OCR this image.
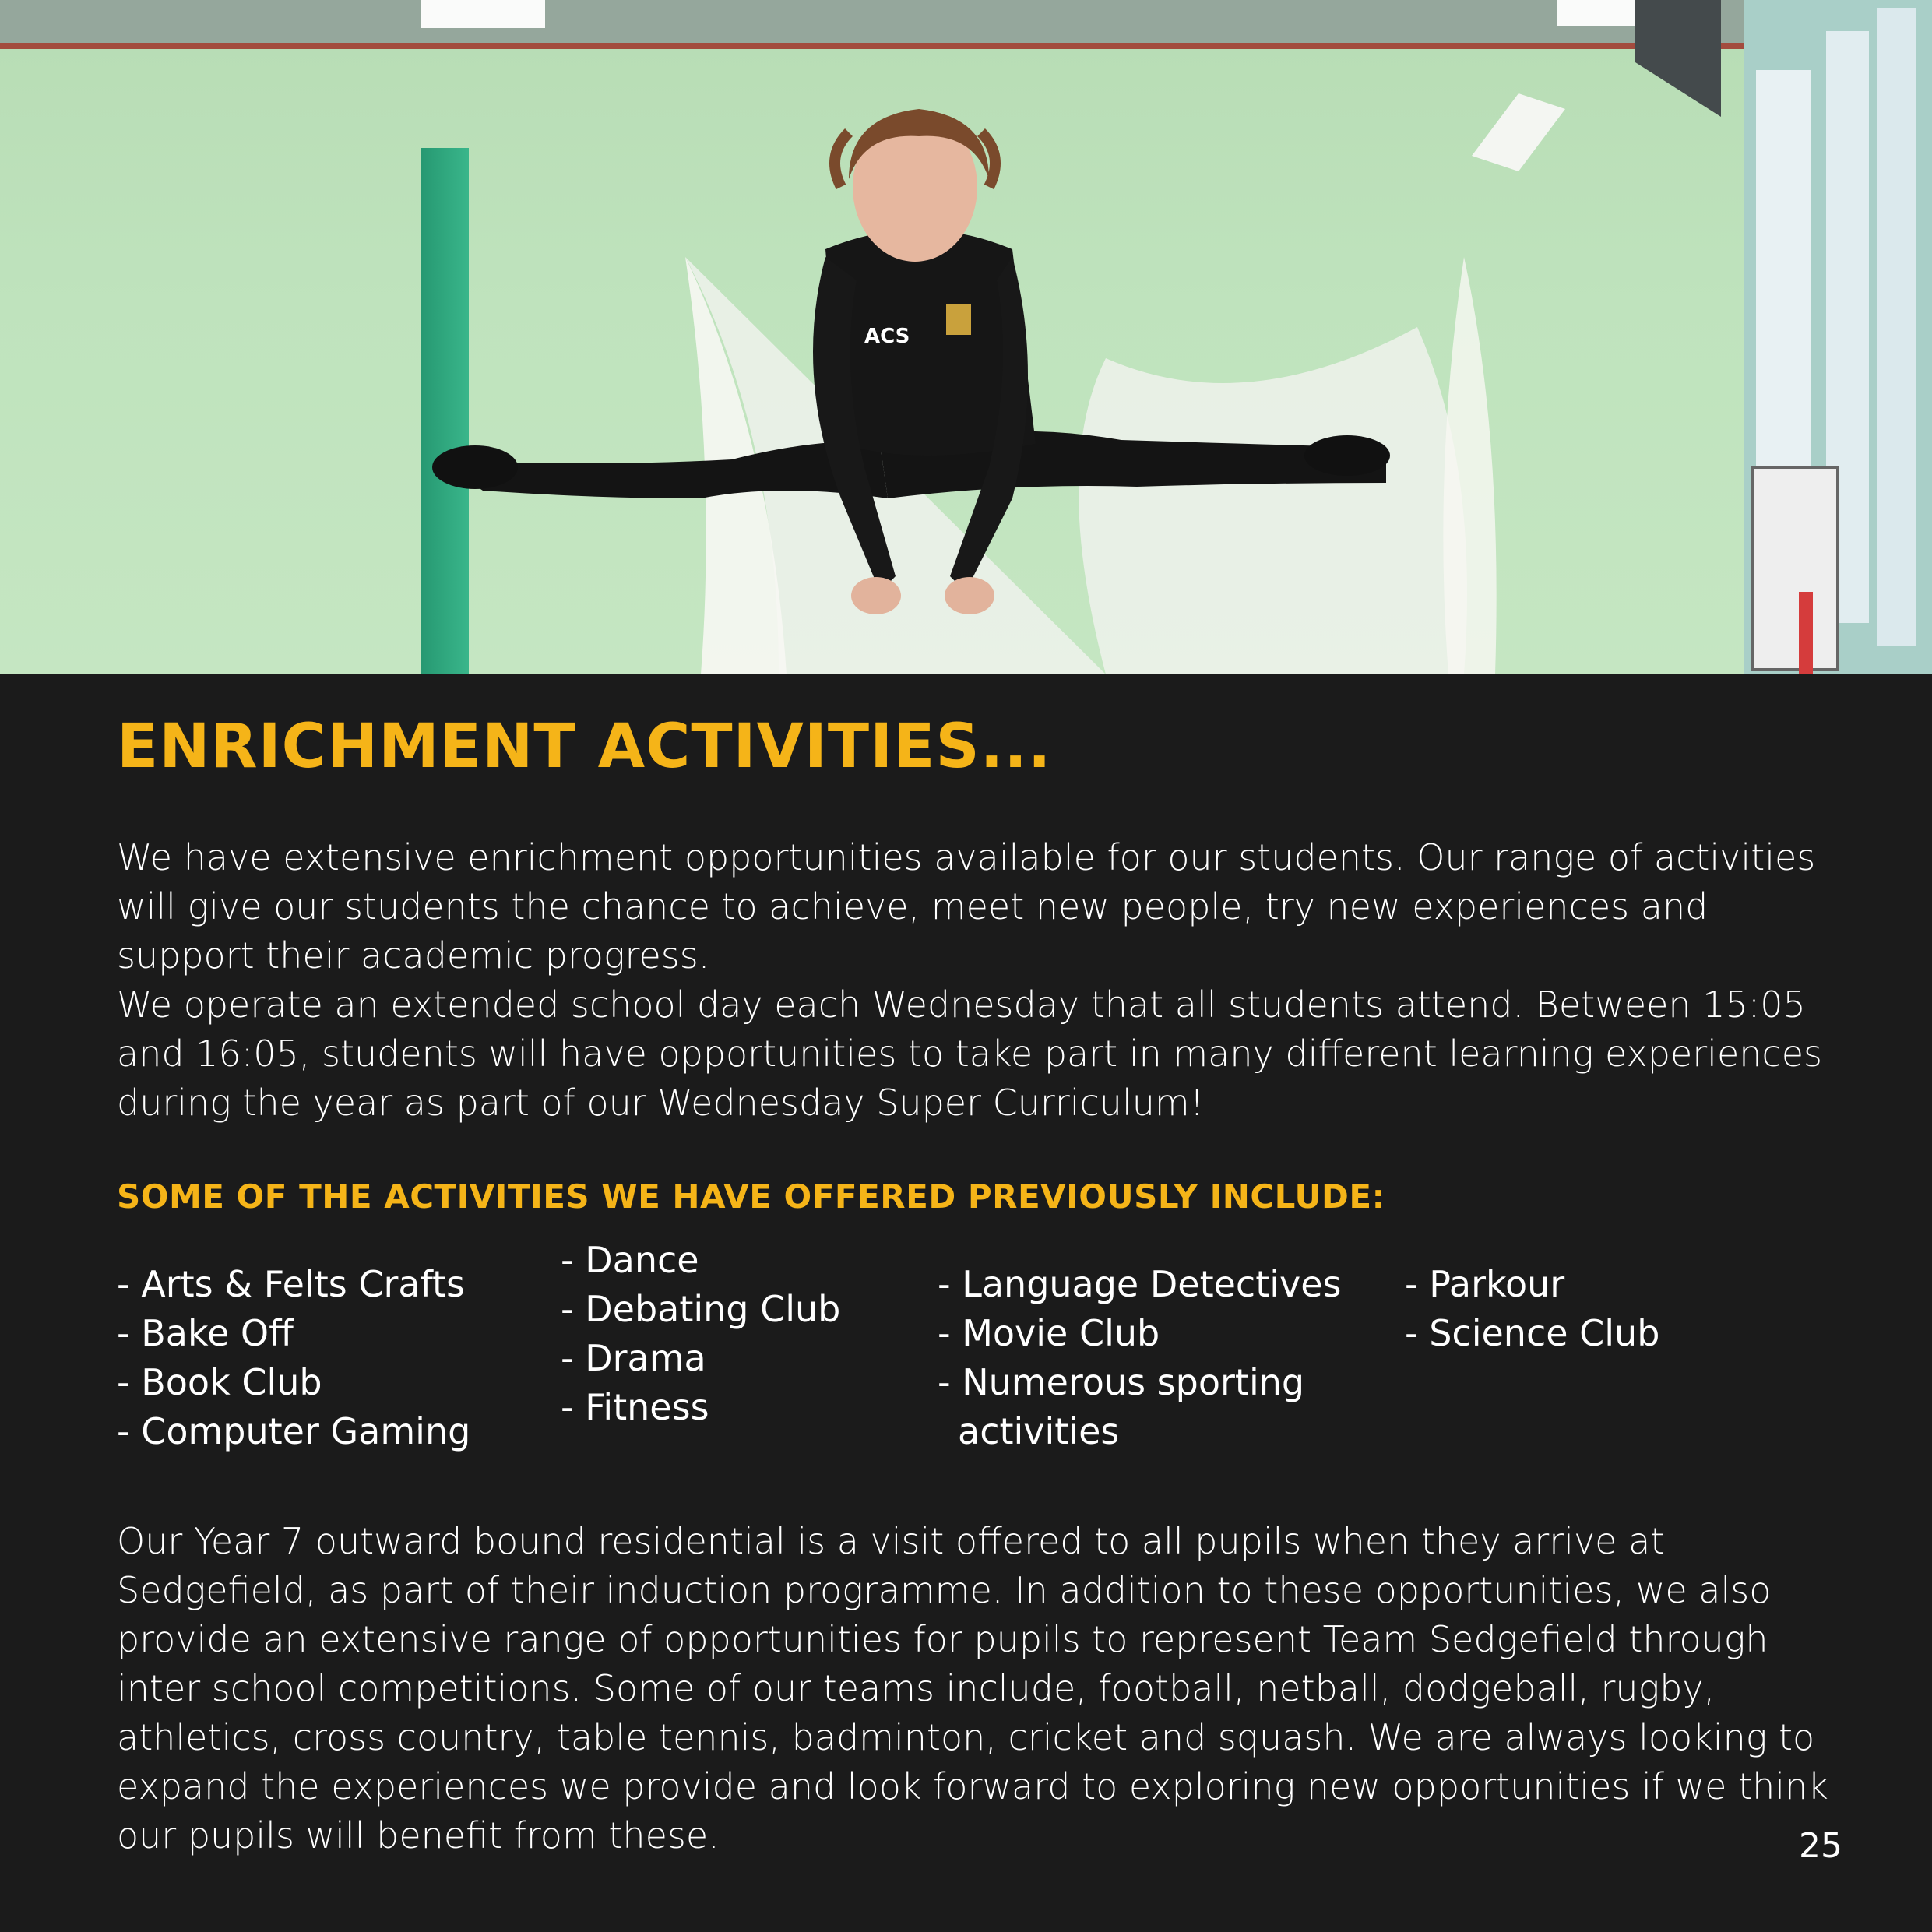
ACS
ENRICHMENT ACTIVITIES...

We have extensive enrichment opportunities available for our students. Our range of activities will give our students the chance to achieve, meet new people, try new experiences and support their academic progress.
We operate an extended school day each Wednesday that all students attend. Between 15:05 and 16:05, students will have opportunities to take part in many different learning experiences during the year as part of our Wednesday Super Curriculum!

SOME OF THE ACTIVITIES WE HAVE OFFERED PREVIOUSLY INCLUDE:
- Arts & Felts Crafts
- Bake Off
- Book Club
- Computer Gaming
- Dance
- Debating Club
- Drama
- Fitness
- Language Detectives
- Movie Club
- Numerous sporting
activities
- Parkour
- Science Club

Our Year 7 outward bound residential is a visit offered to all pupils when they arrive at Sedgefield, as part of their induction programme. In addition to these opportunities, we also provide an extensive range of opportunities for pupils to represent Team Sedgefield through inter school competitions. Some of our teams include, football, netball, dodgeball, rugby, athletics, cross country, table tennis, badminton, cricket and squash. We are always looking to expand the experiences we provide and look forward to exploring new opportunities if we think our pupils will benefit from these.	25
